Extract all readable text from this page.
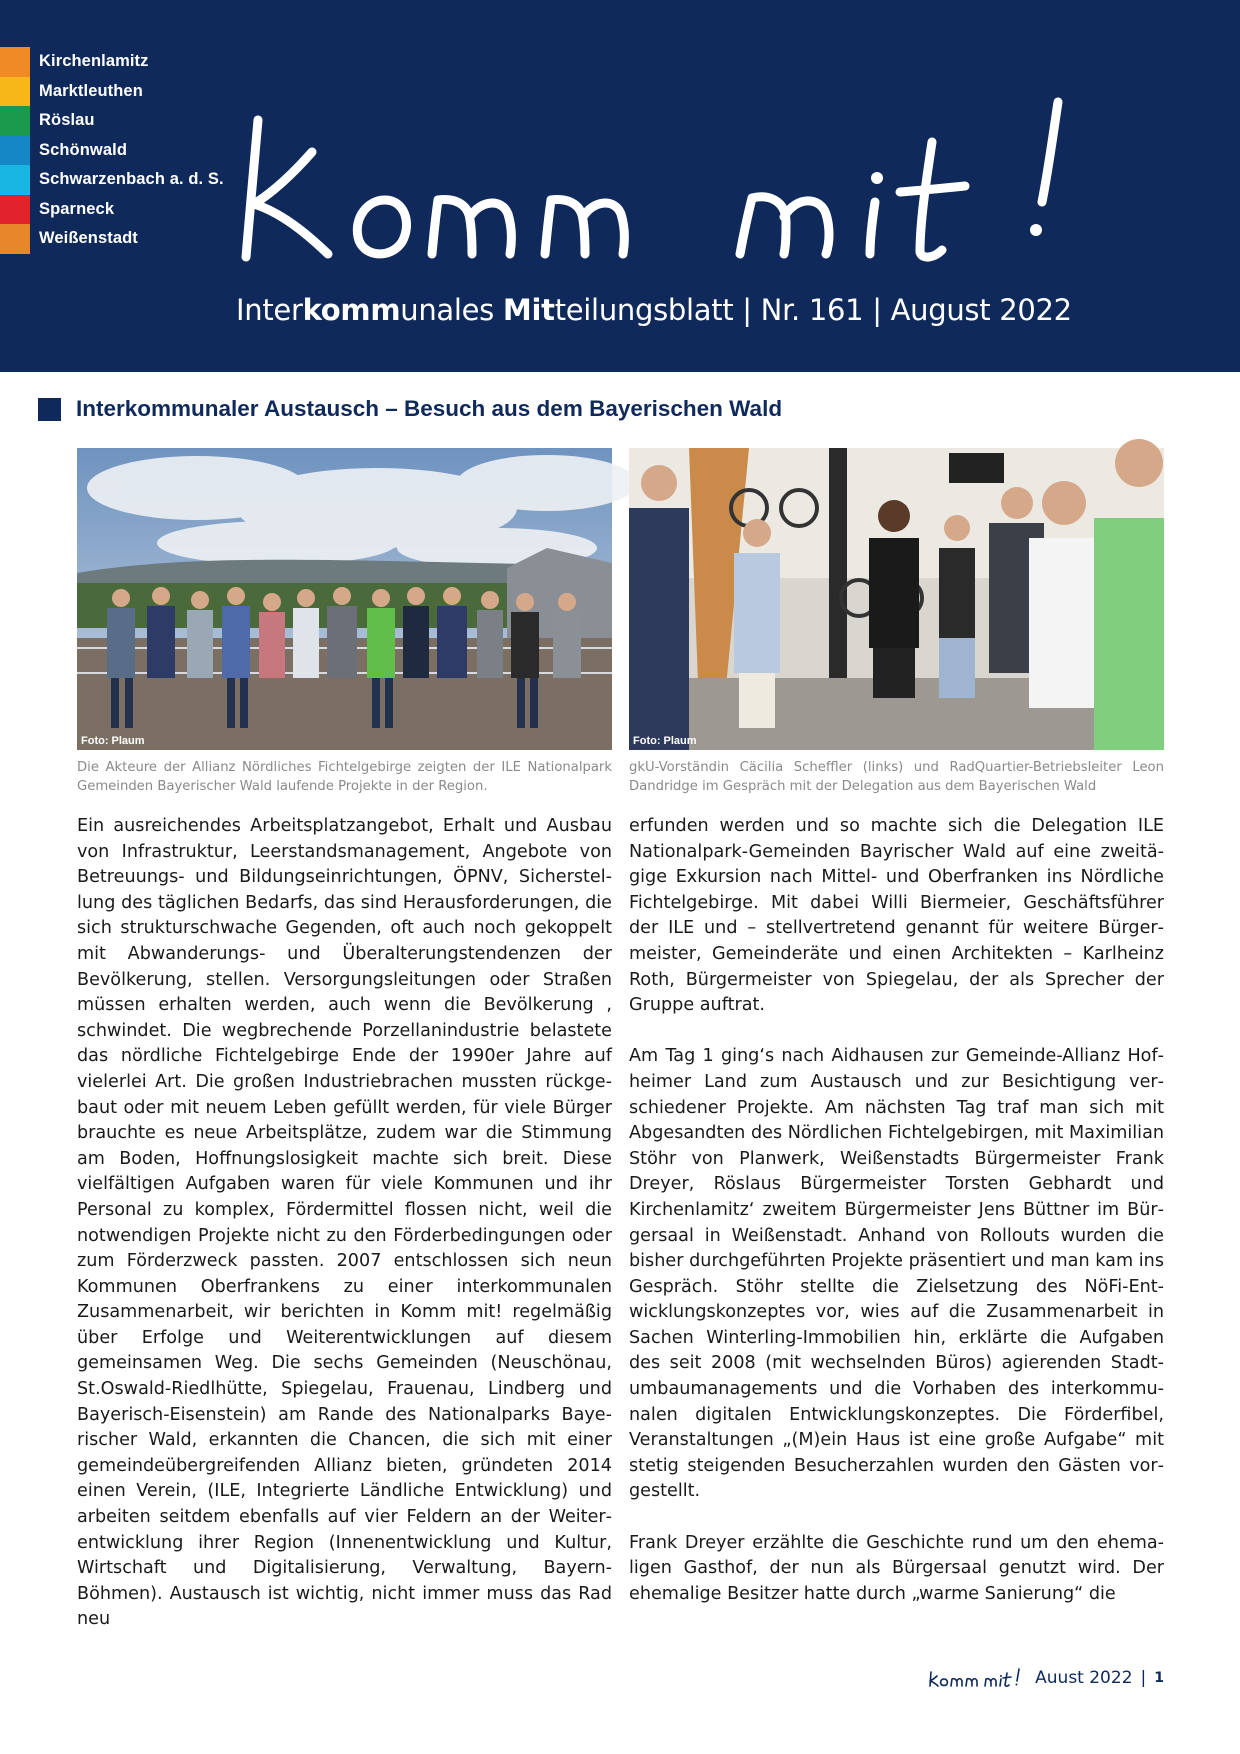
Kirchenlamitz
Marktleuthen
Röslau
Schönwald
Schwarzenbach a. d. S.
Sparneck
Weißenstadt
Interkommunales Mitteilungsblatt | Nr. 161 | August 2022
Interkommunaler Austausch – Besuch aus dem Bayerischen Wald
Foto: Plaum
Die Akteure der Allianz Nördliches Fichtelgebirge zeigten der ILE Nationalpark Gemeinden Bayerischer Wald laufende Projekte in der Region.
Foto: Plaum
gkU-Vorständin Cäcilia Scheffler (links) und RadQuartier-Betriebsleiter Leon Dandridge im Gespräch mit der Delegation aus dem Bayerischen Wald

Ein ausreichendes Arbeitsplatzangebot, Erhalt und Ausbau von Infrastruktur, Leerstandsmanagement, Angebote von Betreuungs- und Bildungseinrichtungen, ÖPNV, Sicherstellung des täglichen Bedarfs, das sind Herausforderungen, die sich strukturschwache Gegenden, oft auch noch gekoppelt mit Abwanderungs- und Überalterungstendenzen der Bevölkerung, stellen. Versorgungsleitungen oder Straßen müssen erhalten werden, auch wenn die Bevölkerung , schwindet. Die wegbrechende Porzellanindustrie belastete das nördliche Fichtelgebirge Ende der 1990er Jahre auf vielerlei Art. Die großen Industriebrachen mussten rückgebaut oder mit neuem Leben gefüllt werden, für viele Bürger brauchte es neue Arbeitsplätze, zudem war die Stimmung am Boden, Hoffnungslosigkeit machte sich breit. Diese vielfältigen Aufgaben waren für viele Kommunen und ihr Personal zu komplex, Fördermittel flossen nicht, weil die notwendigen Projekte nicht zu den Förderbedingungen oder zum Förderzweck passten. 2007 entschlossen sich neun Kommunen Oberfrankens zu einer interkommunalen Zusammenarbeit, wir berichten in Komm mit! regelmäßig über Erfolge und Weiterentwicklungen auf diesem gemeinsamen Weg. Die sechs Gemeinden (Neuschönau, St.Oswald-Riedlhütte, Spiegelau, Frauenau, Lindberg und Bayerisch-Eisenstein) am Rande des Nationalparks Bayerischer Wald, erkannten die Chancen, die sich mit einer gemeindeübergreifenden Allianz bieten, gründeten 2014 einen Verein, (ILE, Integrierte Ländliche Entwicklung) und arbeiten seitdem ebenfalls auf vier Feldern an der Weiterentwicklung ihrer Region (Innenentwicklung und Kultur, Wirtschaft und Digitalisierung, Verwaltung, Bayern-Böhmen). Austausch ist wichtig, nicht immer muss das Rad neu

erfunden werden und so machte sich die Delegation ILE Nationalpark-Gemeinden Bayrischer Wald auf eine zweitägige Exkursion nach Mittel- und Oberfranken ins Nördliche Fichtelgebirge. Mit dabei Willi Biermeier, Geschäftsführer der ILE und – stellvertretend genannt für weitere Bürgermeister, Gemeinderäte und einen Architekten – Karlheinz Roth, Bürgermeister von Spiegelau, der als Sprecher der Gruppe auftrat.

Am Tag 1 ging‘s nach Aidhausen zur Gemeinde-Allianz Hofheimer Land zum Austausch und zur Besichtigung verschiedener Projekte. Am nächsten Tag traf man sich mit Abgesandten des Nördlichen Fichtelgebirgen, mit Maximilian Stöhr von Planwerk, Weißenstadts Bürgermeister Frank Dreyer, Röslaus Bürgermeister Torsten Gebhardt und Kirchenlamitz‘ zweitem Bürgermeister Jens Büttner im Bürgersaal in Weißenstadt. Anhand von Rollouts wurden die bisher durchgeführten Projekte präsentiert und man kam ins Gespräch. Stöhr stellte die Zielsetzung des NöFi-Entwicklungskonzeptes vor, wies auf die Zusammenarbeit in Sachen Winterling-Immobilien hin, erklärte die Aufgaben des seit 2008 (mit wechselnden Büros) agierenden Stadtumbaumanagements und die Vorhaben des interkommunalen digitalen Entwicklungskonzeptes. Die Förderfibel, Veranstaltungen „(M)ein Haus ist eine große Aufgabe“ mit stetig steigenden Besucherzahlen wurden den Gästen vorgestellt.

Frank Dreyer erzählte die Geschichte rund um den ehemaligen Gasthof, der nun als Bürgersaal genutzt wird. Der ehemalige Besitzer hatte durch „warme Sanierung“ die

Auust 2022 | 1
